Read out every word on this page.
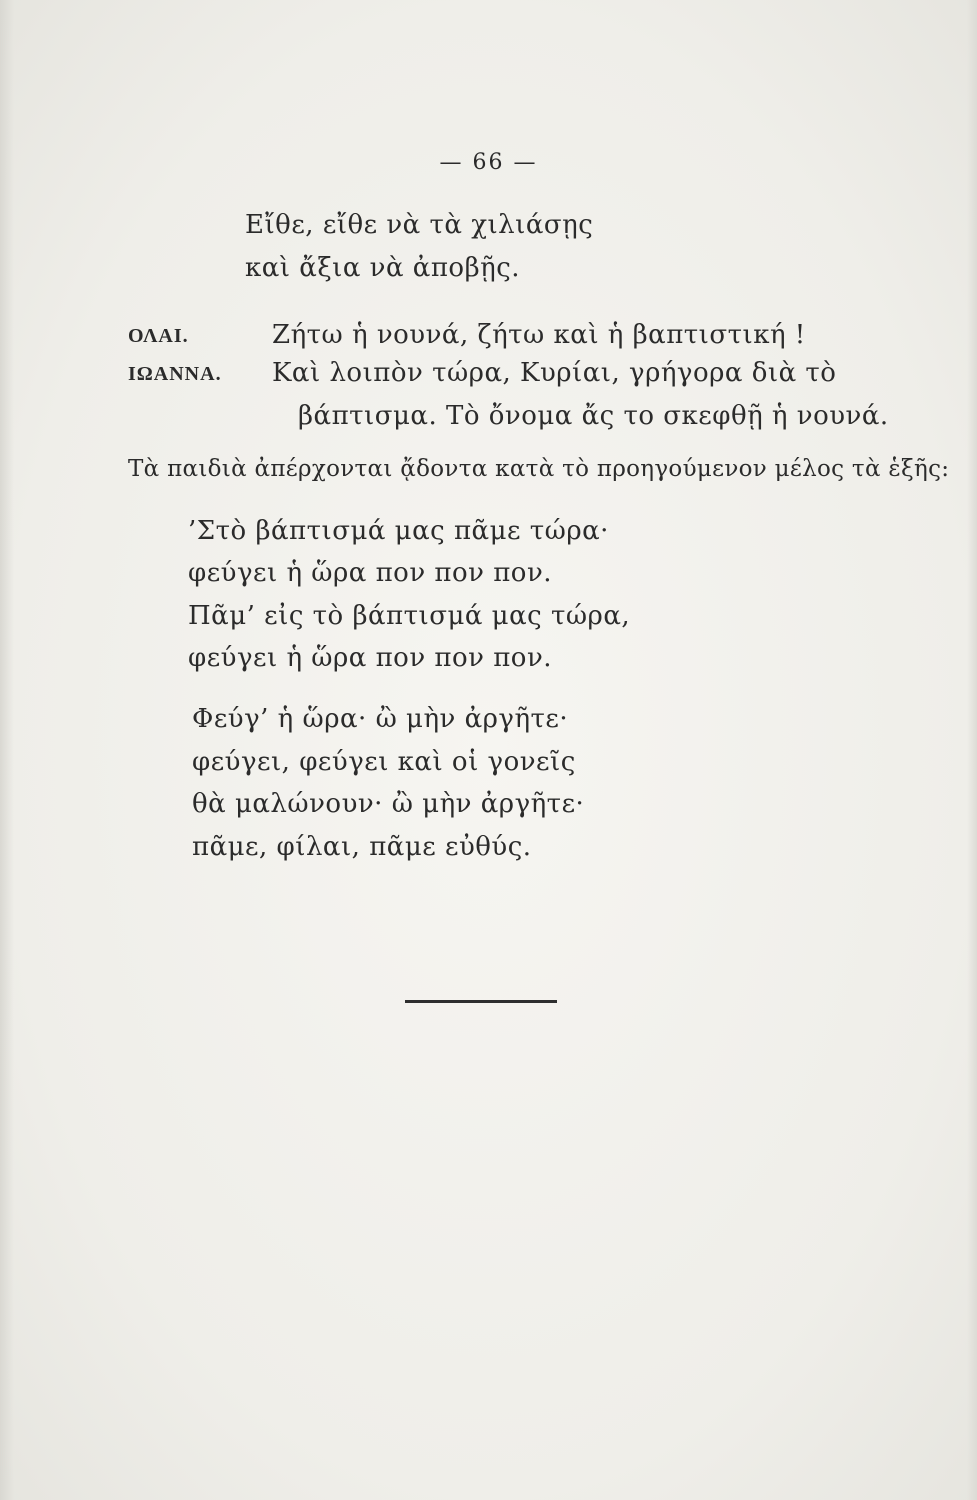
— 66 —
Εἴθε, εἴθε νὰ τὰ χιλιάσῃς
καὶ ἄξια νὰ ἀποβῇς.
ΟΛΑΙ.	Ζήτω ἡ νουνά, ζήτω καὶ ἡ βαπτιστική !
ΙΩΑΝΝΑ. Καὶ λοιπὸν τώρα, Κυρίαι, γρήγορα διὰ τὸ
βάπτισμα. Τὸ ὄνομα ἄς το σκεφθῇ ἡ νουνά.
Τὰ παιδιὰ ἀπέρχονται ᾄδοντα κατὰ τὸ προηγούμενον μέλος τὰ ἑξῆς:
’Στὸ βάπτισμά μας πᾶμε τώρα·
φεύγει ἡ ὥρα πον πον πον.
Πᾶμ’ εἰς τὸ βάπτισμά μας τώρα,
φεύγει ἡ ὥρα πον πον πον.
Φεύγ’ ἡ ὥρα· ὢ μὴν ἀργῆτε·
φεύγει, φεύγει καὶ οἱ γονεῖς
θὰ μαλώνουν· ὢ μὴν ἀργῆτε·
πᾶμε, φίλαι, πᾶμε εὐθύς.
